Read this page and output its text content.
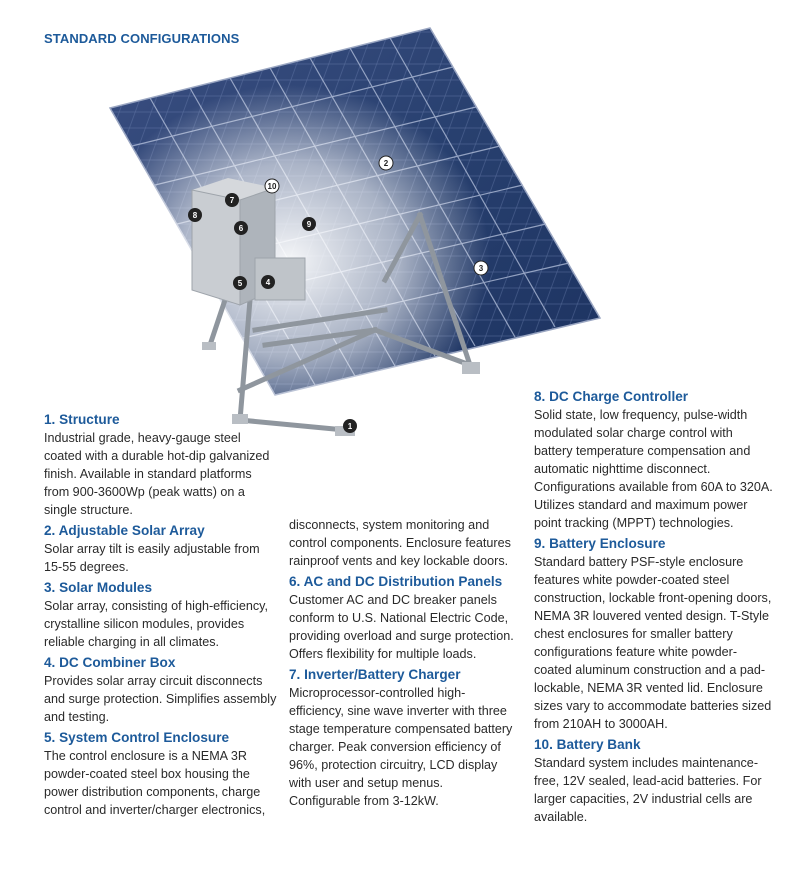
STANDARD CONFIGURATIONS
1
2
3
4
5
6
7
8
9
10
1. Structure

Industrial grade, heavy-gauge steel coated with a durable hot-dip galvanized finish. Available in standard platforms from 900-3600Wp (peak watts) on a single structure.

2. Adjustable Solar Array

Solar array tilt is easily adjustable from 15-55 degrees.

3. Solar Modules

Solar array, consisting of high-efficiency, crystalline silicon modules, provides reliable charging in all climates.

4. DC Combiner Box

Provides solar array circuit disconnects and surge protection. Simplifies assembly and testing.

5. System Control Enclosure

The control enclosure is a NEMA 3R powder-coated steel box housing the power distribution components, charge control and inverter/charger electronics,

disconnects, system monitoring and control components. Enclosure features rainproof vents and key lockable doors.

6. AC and DC Distribution Panels

Customer AC and DC breaker panels conform to U.S. National Electric Code, providing overload and surge protection. Offers flexibility for multiple loads.

7. Inverter/Battery Charger

Microprocessor-controlled high-efficiency, sine wave inverter with three stage temperature compensated battery charger. Peak conversion efficiency of 96%, protection circuitry, LCD display with user and setup menus. Configurable from 3-12kW.

8. DC Charge Controller

Solid state, low frequency, pulse-width modulated solar charge control with battery temperature compensation and automatic nighttime disconnect. Configurations available from 60A to 320A. Utilizes standard and maximum power point tracking (MPPT) technologies.

9. Battery Enclosure

Standard battery PSF-style enclosure features white powder-coated steel construction, lockable front-opening doors, NEMA 3R louvered vented design. T-Style chest enclosures for smaller battery configurations feature white powder-coated aluminum construction and a pad-lockable, NEMA 3R vented lid. Enclosure sizes vary to accommodate batteries sized from 210AH to 3000AH.

10. Battery Bank

Standard system includes maintenance-free, 12V sealed, lead-acid batteries. For larger capacities, 2V industrial cells are available.
